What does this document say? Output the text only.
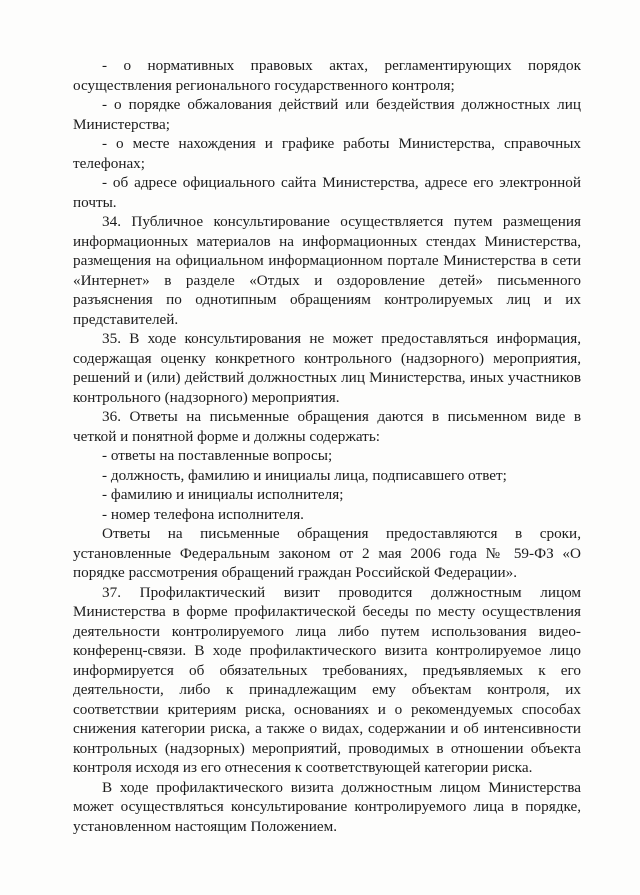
- о нормативных правовых актах, регламентирующих порядок осуществления регионального государственного контроля;

- о порядке обжалования действий или бездействия должностных лиц Министерства;

- о месте нахождения и графике работы Министерства, справочных телефонах;

- об адресе официального сайта Министерства, адресе его электронной почты.

34. Публичное консультирование осуществляется путем размещения информационных материалов на информационных стендах Министерства, размещения на официальном информационном портале Министерства в сети «Интернет» в разделе «Отдых и оздоровление детей» письменного разъяснения по однотипным обращениям контролируемых лиц и их представителей.

35. В ходе консультирования не может предоставляться информация, содержащая оценку конкретного контрольного (надзорного) мероприятия, решений и (или) действий должностных лиц Министерства, иных участников контрольного (надзорного) мероприятия.

36. Ответы на письменные обращения даются в письменном виде в четкой и понятной форме и должны содержать:

- ответы на поставленные вопросы;

- должность, фамилию и инициалы лица, подписавшего ответ;

- фамилию и инициалы исполнителя;

- номер телефона исполнителя.

Ответы на письменные обращения предоставляются в сроки, установленные Федеральным законом от 2 мая 2006 года № 59-ФЗ «О порядке рассмотрения обращений граждан Российской Федерации».

37. Профилактический визит проводится должностным лицом Министерства в форме профилактической беседы по месту осуществления деятельности контролируемого лица либо путем использования видео-конференц-связи. В ходе профилактического визита контролируемое лицо информируется об обязательных требованиях, предъявляемых к его деятельности, либо к принадлежащим ему объектам контроля, их соответствии критериям риска, основаниях и о рекомендуемых способах снижения категории риска, а также о видах, содержании и об интенсивности контрольных (надзорных) мероприятий, проводимых в отношении объекта контроля исходя из его отнесения к соответствующей категории риска.

В ходе профилактического визита должностным лицом Министерства может осуществляться консультирование контролируемого лица в порядке, установленном настоящим Положением.
